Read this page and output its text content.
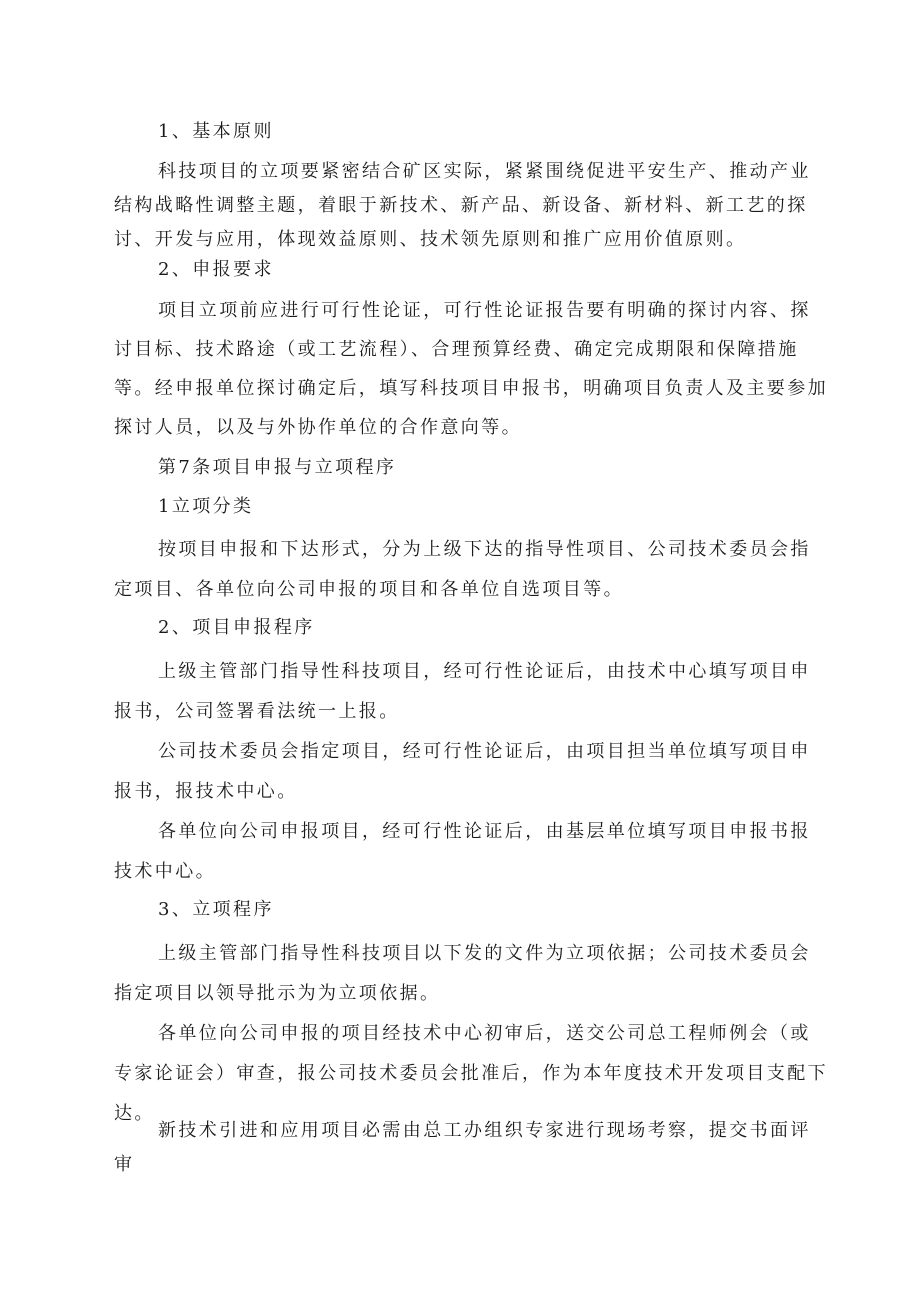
1、基本原则

科技项目的立项要紧密结合矿区实际，紧紧围绕促进平安生产、推动产业结构战略性调整主题，着眼于新技术、新产品、新设备、新材料、新工艺的探讨、开发与应用，体现效益原则、技术领先原则和推广应用价值原则。

2、申报要求

项目立项前应进行可行性论证，可行性论证报告要有明确的探讨内容、探讨目标、技术路途（或工艺流程）、合理预算经费、确定完成期限和保障措施等。经申报单位探讨确定后，填写科技项目申报书，明确项目负责人及主要参加探讨人员，以及与外协作单位的合作意向等。

第7条项目申报与立项程序

1立项分类

按项目申报和下达形式，分为上级下达的指导性项目、公司技术委员会指定项目、各单位向公司申报的项目和各单位自选项目等。

2、项目申报程序

上级主管部门指导性科技项目，经可行性论证后，由技术中心填写项目申报书，公司签署看法统一上报。

公司技术委员会指定项目，经可行性论证后，由项目担当单位填写项目申报书，报技术中心。

各单位向公司申报项目，经可行性论证后，由基层单位填写项目申报书报技术中心。

3、立项程序

上级主管部门指导性科技项目以下发的文件为立项依据；公司技术委员会指定项目以领导批示为为立项依据。

各单位向公司申报的项目经技术中心初审后，送交公司总工程师例会（或专家论证会）审查，报公司技术委员会批准后，作为本年度技术开发项目支配下达。

新技术引进和应用项目必需由总工办组织专家进行现场考察，提交书面评审
